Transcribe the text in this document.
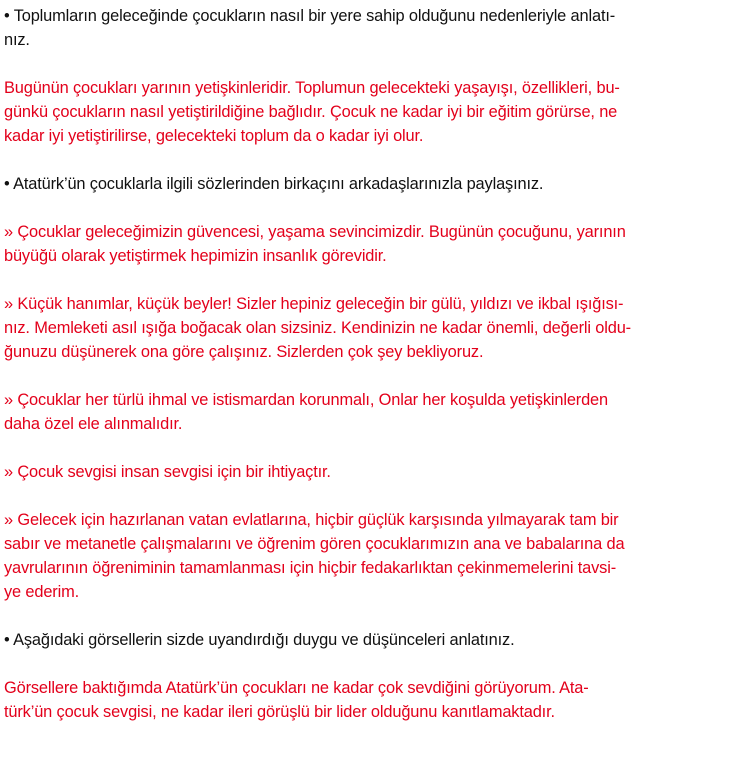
• Toplumların geleceğinde çocukların nasıl bir yere sahip olduğunu nedenleriyle anlatı-
nız.
Bugünün çocukları yarının yetişkinleridir. Toplumun gelecekteki yaşayışı, özellikleri, bu-
günkü çocukların nasıl yetiştirildiğine bağlıdır. Çocuk ne kadar iyi bir eğitim görürse, ne
kadar iyi yetiştirilirse, gelecekteki toplum da o kadar iyi olur.
• Atatürk’ün çocuklarla ilgili sözlerinden birkaçını arkadaşlarınızla paylaşınız.
» Çocuklar geleceğimizin güvencesi, yaşama sevincimizdir. Bugünün çocuğunu, yarının
büyüğü olarak yetiştirmek hepimizin insanlık görevidir.
» Küçük hanımlar, küçük beyler! Sizler hepiniz geleceğin bir gülü, yıldızı ve ikbal ışığısı-
nız. Memleketi asıl ışığa boğacak olan sizsiniz. Kendinizin ne kadar önemli, değerli oldu-
ğunuzu düşünerek ona göre çalışınız. Sizlerden çok şey bekliyoruz.
» Çocuklar her türlü ihmal ve istismardan korunmalı, Onlar her koşulda yetişkinlerden
daha özel ele alınmalıdır.
» Çocuk sevgisi insan sevgisi için bir ihtiyaçtır.
» Gelecek için hazırlanan vatan evlatlarına, hiçbir güçlük karşısında yılmayarak tam bir
sabır ve metanetle çalışmalarını ve öğrenim gören çocuklarımızın ana ve babalarına da
yavrularının öğreniminin tamamlanması için hiçbir fedakarlıktan çekinmemelerini tavsi-
ye ederim.
• Aşağıdaki görsellerin sizde uyandırdığı duygu ve düşünceleri anlatınız.
Görsellere baktığımda Atatürk’ün çocukları ne kadar çok sevdiğini görüyorum. Ata-
türk’ün çocuk sevgisi, ne kadar ileri görüşlü bir lider olduğunu kanıtlamaktadır.
